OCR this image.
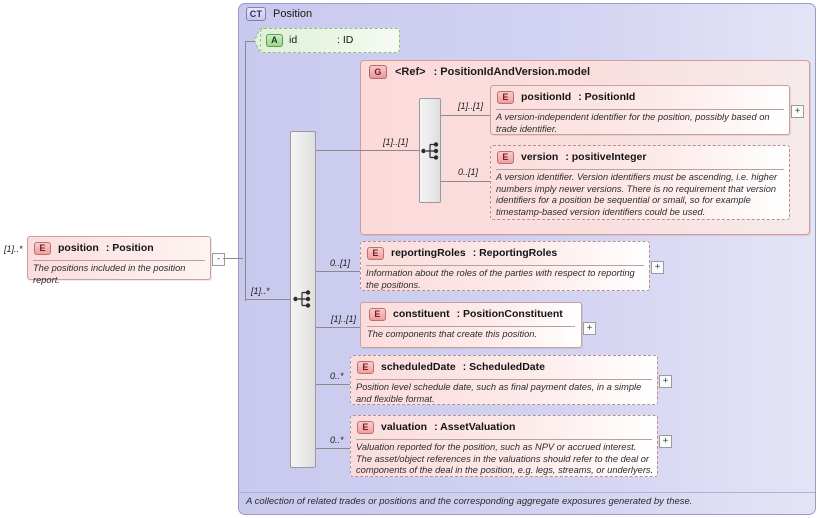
CT Position
A	id	: ID
G	<Ref> : PositionIdAndVersion.model
[1]..[1]
[1]..[1]
E	positionId : PositionId
A version-independent identifier for the position, possibly based on trade identifier.
+
0..[1]
E	version : positiveInteger
A version identifier. Version identifiers must be ascending, i.e. higher numbers imply newer versions. There is no requirement that version identifiers for a position be sequential or small, so for example timestamp-based version identifiers could be used.
[1]..*
[1]..*	E	position : Position
The positions included in the position report.
-	0..[1]
E	reportingRoles : ReportingRoles
Information about the roles of the parties with respect to reporting the positions.
+
[1]..[1]	E	constituent : PositionConstituent
The components that create this position.
+
0..*
E	scheduledDate : ScheduledDate
Position level schedule date, such as final payment dates, in a simple and flexible format.
+
0..*
E	valuation : AssetValuation
Valuation reported for the position, such as NPV or accrued interest. The asset/object references in the valuations should refer to the deal or components of the deal in the position, e.g. legs, streams, or underlyers.
+
A collection of related trades or positions and the corresponding aggregate exposures generated by these.
